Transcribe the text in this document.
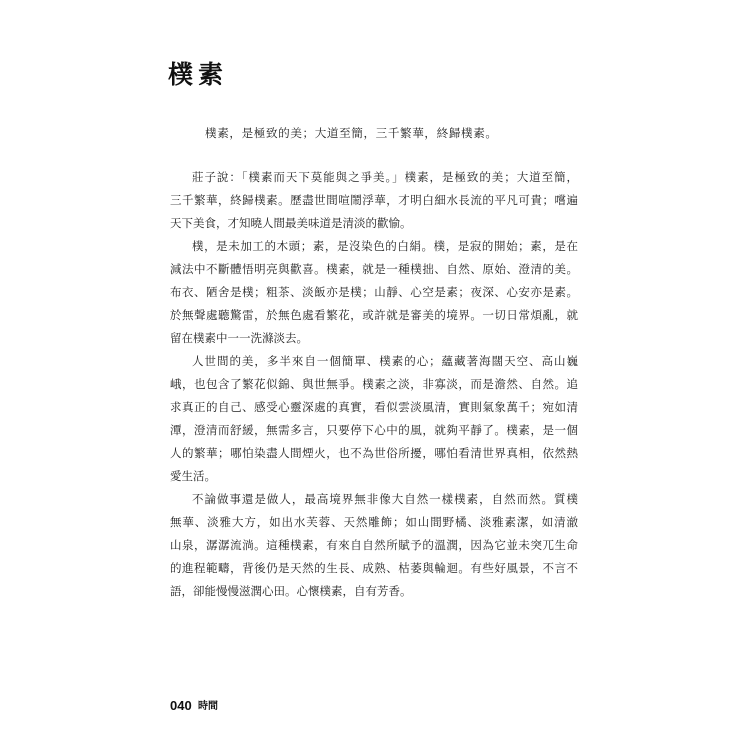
樸素
樸素，是極致的美；大道至簡，三千繁華，終歸樸素。
莊子說：「樸素而天下莫能與之爭美。」樸素，是極致的美；大道至簡，
三千繁華，終歸樸素。歷盡世間喧鬧浮華，才明白細水長流的平凡可貴；嚐遍
天下美食，才知曉人間最美味道是清淡的歡愉。
樸，是未加工的木頭；素，是沒染色的白絹。樸，是寂的開始；素，是在
減法中不斷體悟明亮與歡喜。樸素，就是一種樸拙、自然、原始、澄清的美。
布衣、陋舍是樸；粗茶、淡飯亦是樸；山靜、心空是素；夜深、心安亦是素。
於無聲處聽驚雷，於無色處看繁花，或許就是審美的境界。一切日常煩亂，就
留在樸素中一一洗滌淡去。
人世間的美，多半來自一個簡單、樸素的心；蘊藏著海闊天空、高山巍
峨，也包含了繁花似錦、與世無爭。樸素之淡，非寡淡，而是澹然、自然。追
求真正的自己、感受心靈深處的真實，看似雲淡風清，實則氣象萬千；宛如清
潭，澄清而舒緩，無需多言，只要停下心中的風，就夠平靜了。樸素，是一個
人的繁華；哪怕染盡人間煙火，也不為世俗所擾，哪怕看清世界真相，依然熱
愛生活。
不論做事還是做人，最高境界無非像大自然一樣樸素，自然而然。質樸
無華、淡雅大方，如出水芙蓉、天然雕飾；如山間野橘、淡雅素潔，如清澈
山泉，潺潺流淌。這種樸素，有來自自然所賦予的溫潤，因為它並未突兀生命
的進程範疇，背後仍是天然的生長、成熟、枯萎與輪迴。有些好風景，不言不
語，卻能慢慢滋潤心田。心懷樸素，自有芳香。
040 時間
